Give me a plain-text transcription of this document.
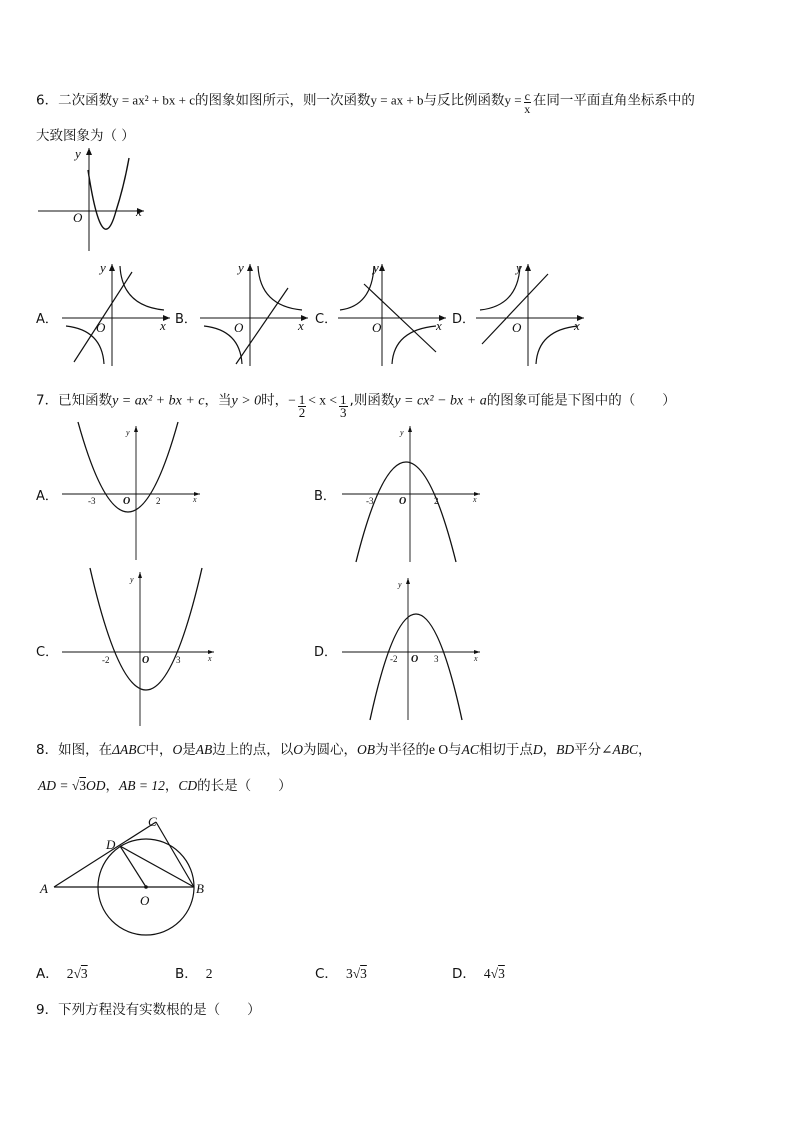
6．二次函数y = ax² + bx + c的图象如图所示，则一次函数y = ax + b与反比例函数$y = \frac{c}{x}$ 在同一平面直角坐标系中的
大致图象为（ ）
y
x
O
A．
y
x
O
B．
y
x
O
C．
y
x
O
D．
y
x
O
7．已知函数y = ax² + bx + c，当y > 0时，− $\frac{1}{2} < x < \frac{1}{3}$ ,则函数y = cx² − bx + a的图象可能是下图中的（　　）
A．
y
x
O
-3	2	B．
y
x
O
-3	2
C．
y
x
O
-2	3	D．
y
x
O
-2	3
8．如图，在ΔABC中，O是AB边上的点，以O为圆心，OB为半径的e O与AC相切于点D，BD平分∠ABC，
AD = √3OD，AB = 12，CD的长是（　　）
A	B
C
D
O
A． 2√3	B． 2	C． 3√3	D． 4√3
9．下列方程没有实数根的是（　　）
